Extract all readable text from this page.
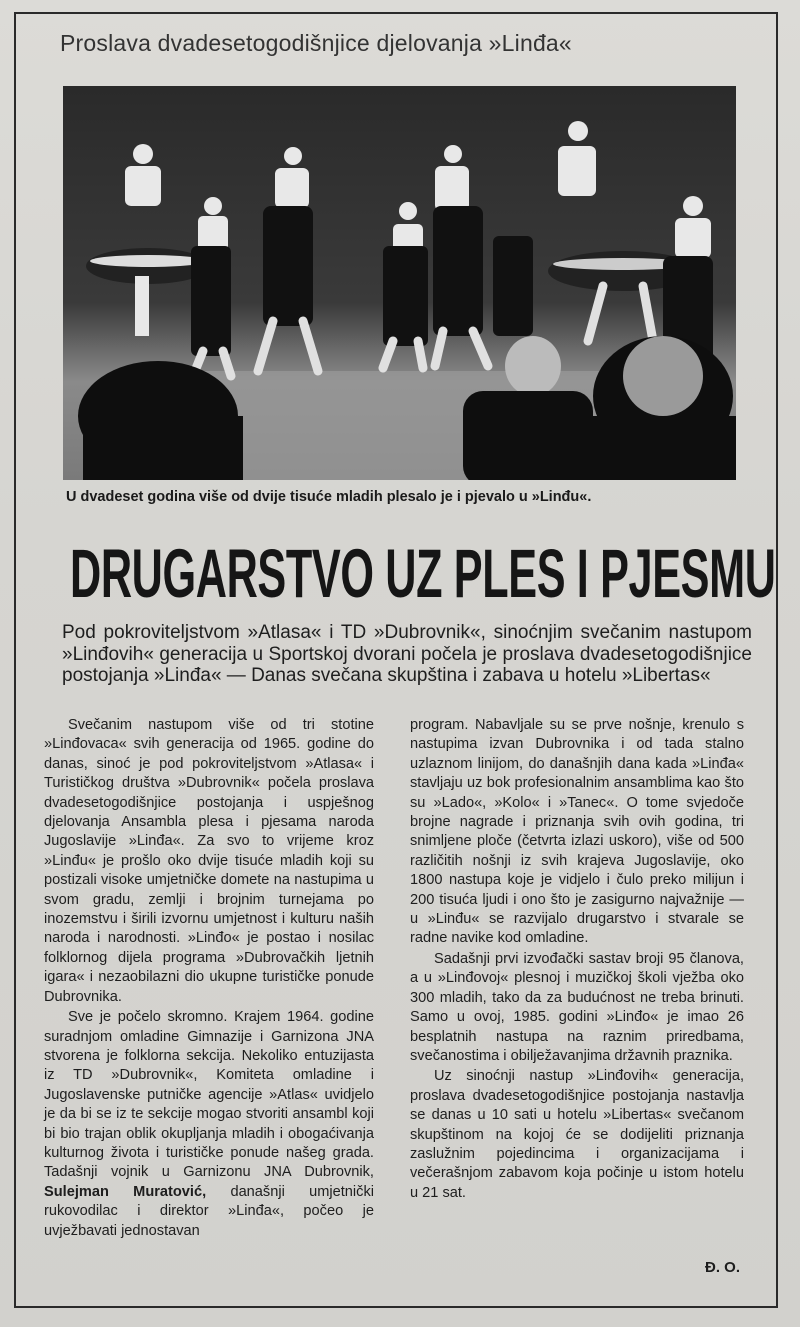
Proslava dvadesetogodišnjice djelovanja »Linđa«
U dvadeset godina više od dvije tisuće mladih plesalo je i pjevalo u »Linđu«.
DRUGARSTVO UZ PLES I PJESMU
Pod pokroviteljstvom »Atlasa« i TD »Dubrovnik«, sinoćnjim svečanim nastupom »Linđovih« generacija u Sportskoj dvorani počela je proslava dvadesetogodišnjice postojanja »Linđa« — Danas svečana skupština i zabava u hotelu »Libertas«

Svečanim nastupom više od tri stotine »Linđovaca« svih generacija od 1965. godine do danas, sinoć je pod pokroviteljstvom »Atlasa« i Turističkog društva »Dubrovnik« počela proslava dvadesetogodišnjice postojanja i uspješnog djelovanja Ansambla plesa i pjesama naroda Jugoslavije »Linđa«. Za svo to vrijeme kroz »Linđu« je prošlo oko dvije tisuće mladih koji su postizali visoke umjetničke domete na nastupima u svom gradu, zemlji i brojnim turnejama po inozemstvu i širili izvornu umjetnost i kulturu naših naroda i narodnosti. »Linđo« je postao i nosilac folklornog dijela programa »Dubrovačkih ljetnih igara« i nezaobilazni dio ukupne turističke ponude Dubrovnika.

Sve je počelo skromno. Krajem 1964. godine suradnjom omladine Gimnazije i Garnizona JNA stvorena je folklorna sekcija. Nekoliko entuzijasta iz TD »Dubrovnik«, Komiteta omladine i Jugoslavenske putničke agencije »Atlas« uvidjelo je da bi se iz te sekcije mogao stvoriti ansambl koji bi bio trajan oblik okupljanja mladih i obogaćivanja kulturnog života i turističke ponude našeg grada. Tadašnji vojnik u Garnizonu JNA Dubrovnik, Sulejman Muratović, današnji umjetnički rukovodilac i direktor »Linđa«, počeo je uvježbavati jednostavan

program. Nabavljale su se prve nošnje, krenulo s nastupima izvan Dubrovnika i od tada stalno uzlaznom linijom, do današnjih dana kada »Linđa« stavljaju uz bok profesionalnim ansamblima kao što su »Lado«, »Kolo« i »Tanec«. O tome svjedoče brojne nagrade i priznanja svih ovih godina, tri snimljene ploče (četvrta izlazi uskoro), više od 500 različitih nošnji iz svih krajeva Jugoslavije, oko 1800 nastupa koje je vidjelo i čulo preko milijun i 200 tisuća ljudi i ono što je zasigurno najvažnije — u »Linđu« se razvijalo drugarstvo i stvarale se radne navike kod omladine.

Sadašnji prvi izvođački sastav broji 95 članova, a u »Linđovoj« plesnoj i muzičkoj školi vježba oko 300 mladih, tako da za budućnost ne treba brinuti. Samo u ovoj, 1985. godini »Linđo« je imao 26 besplatnih nastupa na raznim priredbama, svečanostima i obilježavanjima državnih praznika.

Uz sinoćnji nastup »Linđovih« generacija, proslava dvadesetogodišnjice postojanja nastavlja se danas u 10 sati u hotelu »Libertas« svečanom skupštinom na kojoj će se dodijeliti priznanja zaslužnim pojedincima i organizacijama i večerašnjom zabavom koja počinje u istom hotelu u 21 sat.

Đ. O.
